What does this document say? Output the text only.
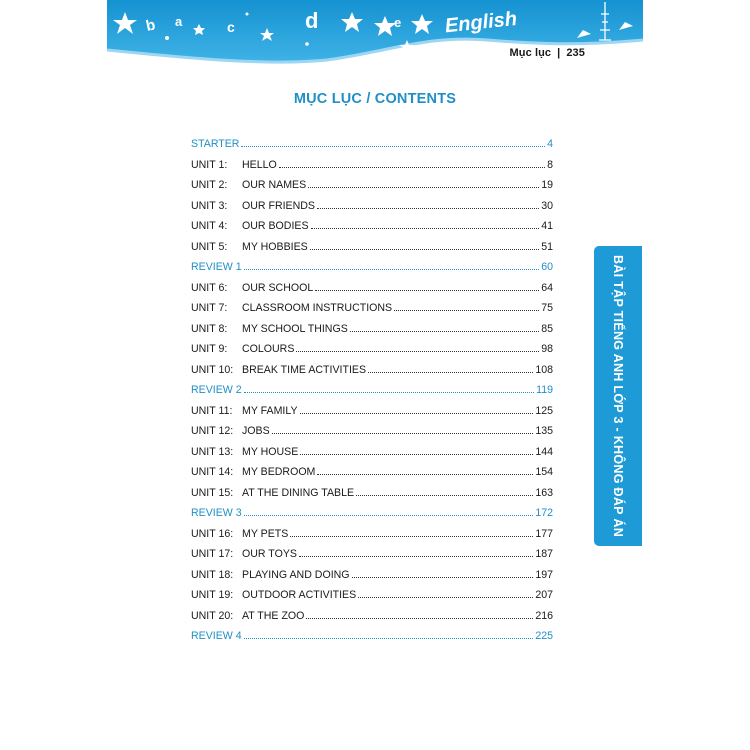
b a	c	d	e English
Mục lục | 235
MỤC LỤC / CONTENTS
STARTER	4
UNIT 1:	HELLO	8
UNIT 2:	OUR NAMES	19
UNIT 3:	OUR FRIENDS	30
UNIT 4:	OUR BODIES	41
UNIT 5:	MY HOBBIES	51
REVIEW 1	60
UNIT 6:	OUR SCHOOL	64
UNIT 7:	CLASSROOM INSTRUCTIONS	75
UNIT 8:	MY SCHOOL THINGS	85
UNIT 9:	COLOURS	98
UNIT 10: BREAK TIME ACTIVITIES	108
REVIEW 2	119
UNIT 11: MY FAMILY	125
UNIT 12: JOBS	135
UNIT 13: MY HOUSE	144
UNIT 14: MY BEDROOM	154
UNIT 15: AT THE DINING TABLE	163
REVIEW 3	172
UNIT 16: MY PETS	177
UNIT 17: OUR TOYS	187
UNIT 18: PLAYING AND DOING	197
UNIT 19: OUTDOOR ACTIVITIES	207
UNIT 20: AT THE ZOO	216
REVIEW 4	225
BÀI TẬP TIẾNG ANH LỚP 3 - KHÔNG ĐÁP ÁN
